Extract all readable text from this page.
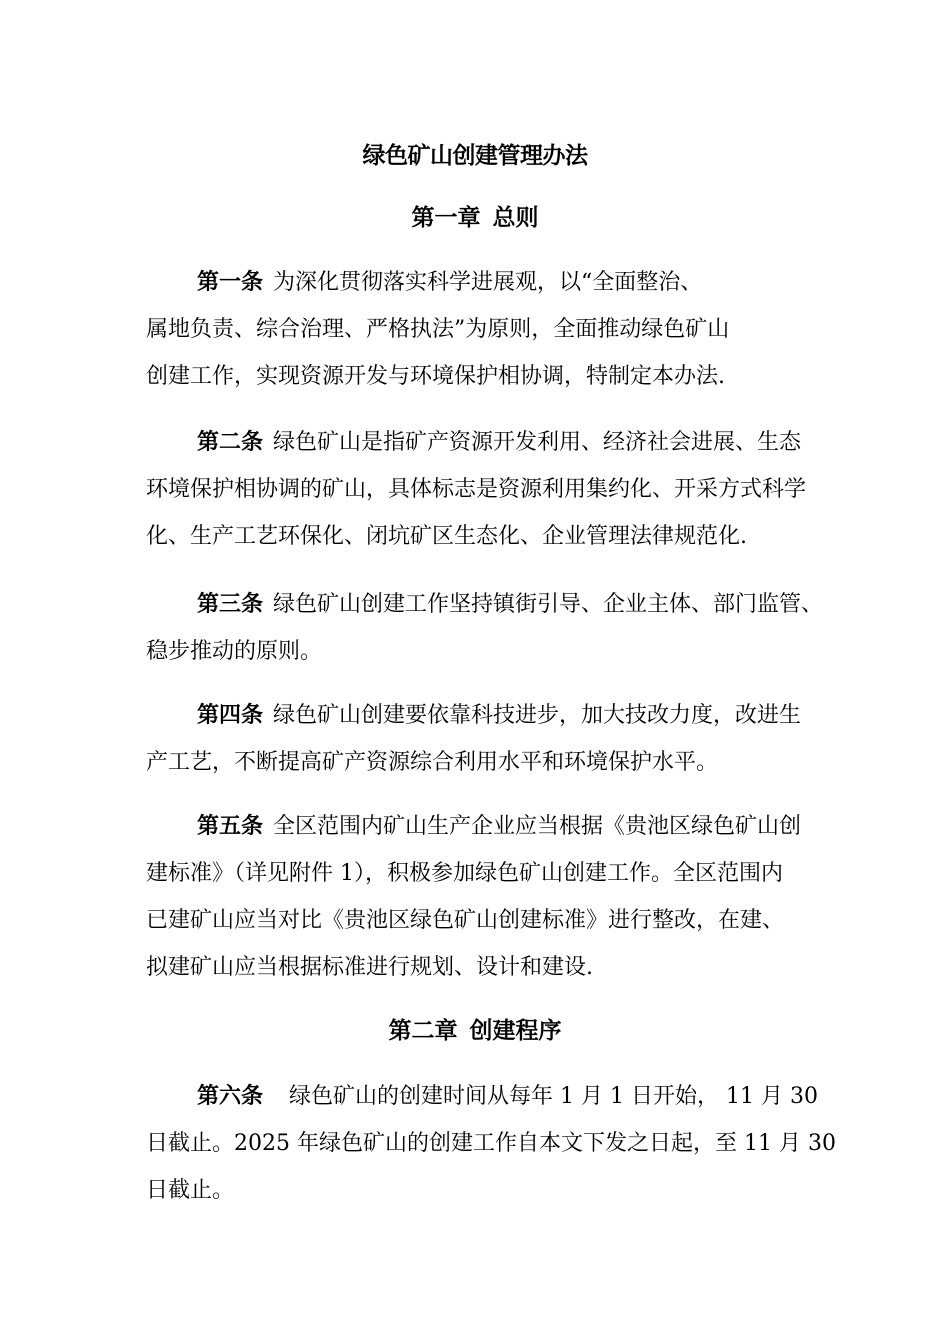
绿色矿山创建管理办法
第一章 总则
第一条 为深化贯彻落实科学进展观，以“全面整治、
属地负责、综合治理、严格执法”为原则，全面推动绿色矿山
创建工作，实现资源开发与环境保护相协调，特制定本办法.
第二条 绿色矿山是指矿产资源开发利用、经济社会进展、生态
环境保护相协调的矿山，具体标志是资源利用集约化、开采方式科学
化、生产工艺环保化、闭坑矿区生态化、企业管理法律规范化.
第三条 绿色矿山创建工作坚持镇街引导、企业主体、部门监管、
稳步推动的原则。
第四条 绿色矿山创建要依靠科技进步，加大技改力度，改进生
产工艺，不断提高矿产资源综合利用水平和环境保护水平。
第五条 全区范围内矿山生产企业应当根据《贵池区绿色矿山创
建标准》（详见附件 1），积极参加绿色矿山创建工作。全区范围内
已建矿山应当对比《贵池区绿色矿山创建标准》进行整改，在建、
拟建矿山应当根据标准进行规划、设计和建设.
第二章 创建程序
第六条 绿色矿山的创建时间从每年 1 月 1 日开始， 11 月 30
日截止。2025 年绿色矿山的创建工作自本文下发之日起，至 11 月 30
日截止。
